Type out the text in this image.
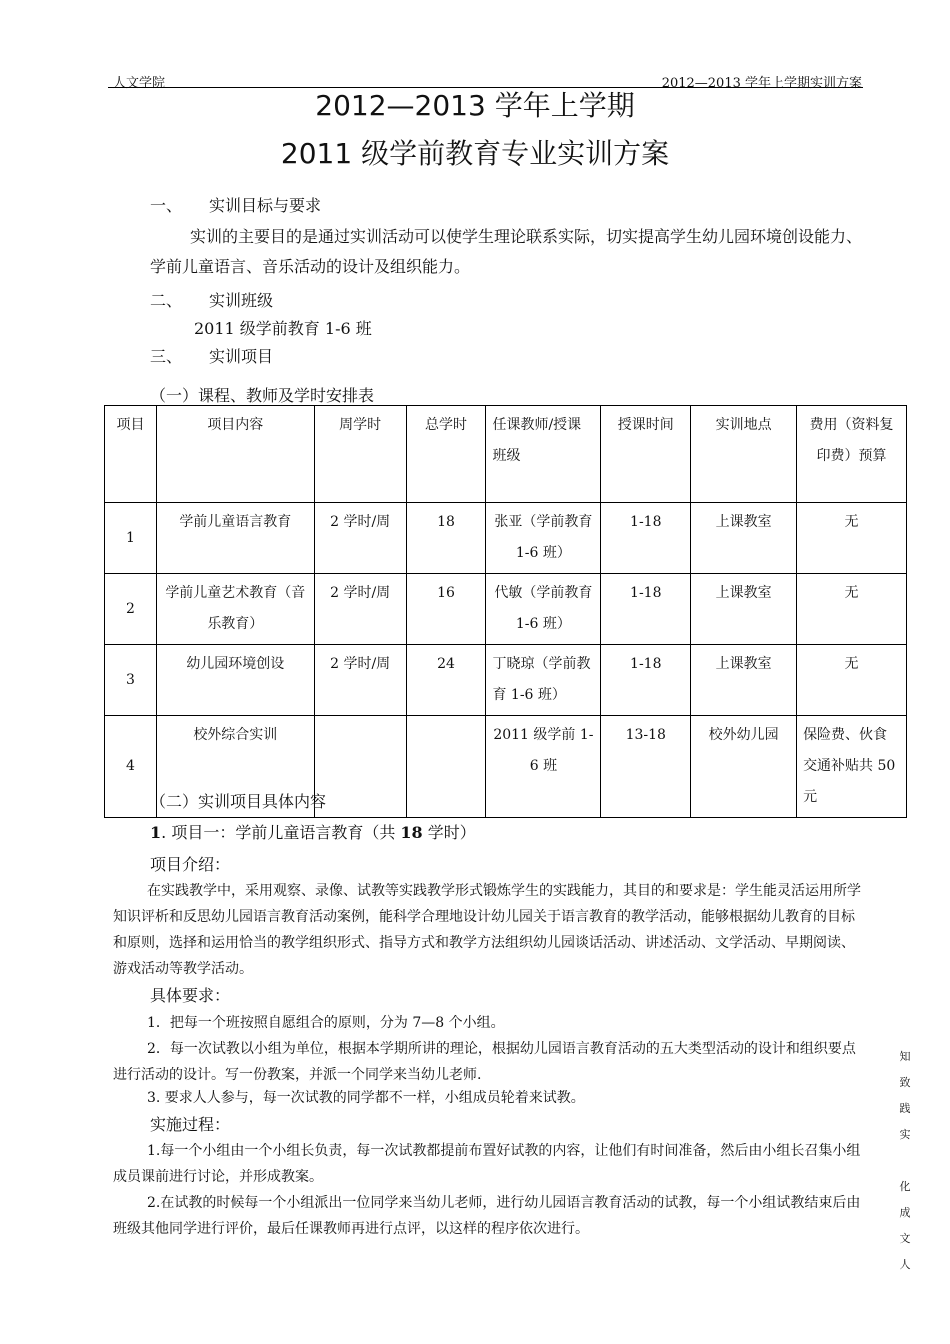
人文学院	2012—2013 学年上学期实训方案
2012—2013 学年上学期
2011 级学前教育专业实训方案
一、 实训目标与要求
实训的主要目的是通过实训活动可以使学生理论联系实际，切实提高学生幼儿园环境创设能力、学前儿童语言、音乐活动的设计及组织能力。
二、 实训班级
2011 级学前教育 1-6 班
三、 实训项目
（一）课程、教师及学时安排表
项目	项目内容	周学时	总学时	任课教师/授课班级	授课时间	实训地点	费用（资料复印费）预算
1	学前儿童语言教育	2 学时/周	18	张亚（学前教育 1-6 班）	1-18	上课教室	无
2	学前儿童艺术教育（音乐教育）	2 学时/周	16	代敏（学前教育 1-6 班）	1-18	上课教室	无
3	幼儿园环境创设	2 学时/周	24	丁晓琼（学前教育 1-6 班）	1-18	上课教室	无
4	校外综合实训			2011 级学前 1-6 班	13-18	校外幼儿园	保险费、伙食交通补贴共 50 元
（二）实训项目具体内容
1. 项目一：学前儿童语言教育（共 18 学时）
项目介绍：
在实践教学中，采用观察、录像、试教等实践教学形式锻炼学生的实践能力，其目的和要求是：学生能灵活运用所学知识评析和反思幼儿园语言教育活动案例，能科学合理地设计幼儿园关于语言教育的教学活动，能够根据幼儿教育的目标和原则，选择和运用恰当的教学组织形式、指导方式和教学方法组织幼儿园谈话活动、讲述活动、文学活动、早期阅读、游戏活动等教学活动。
具体要求：
1．把每一个班按照自愿组合的原则，分为 7—8 个小组。
2．每一次试教以小组为单位，根据本学期所讲的理论，根据幼儿园语言教育活动的五大类型活动的设计和组织要点进行活动的设计。写一份教案，并派一个同学来当幼儿老师.
3. 要求人人参与，每一次试教的同学都不一样，小组成员轮着来试教。
实施过程：
1.每一个小组由一个小组长负责，每一次试教都提前布置好试教的内容，让他们有时间准备，然后由小组长召集小组成员课前进行讨论，并形成教案。
2.在试教的时候每一个小组派出一位同学来当幼儿老师，进行幼儿园语言教育活动的试教，每一个小组试教结束后由班级其他同学进行评价，最后任课教师再进行点评，以这样的程序依次进行。
知
致
践
实
化
成
文
人
